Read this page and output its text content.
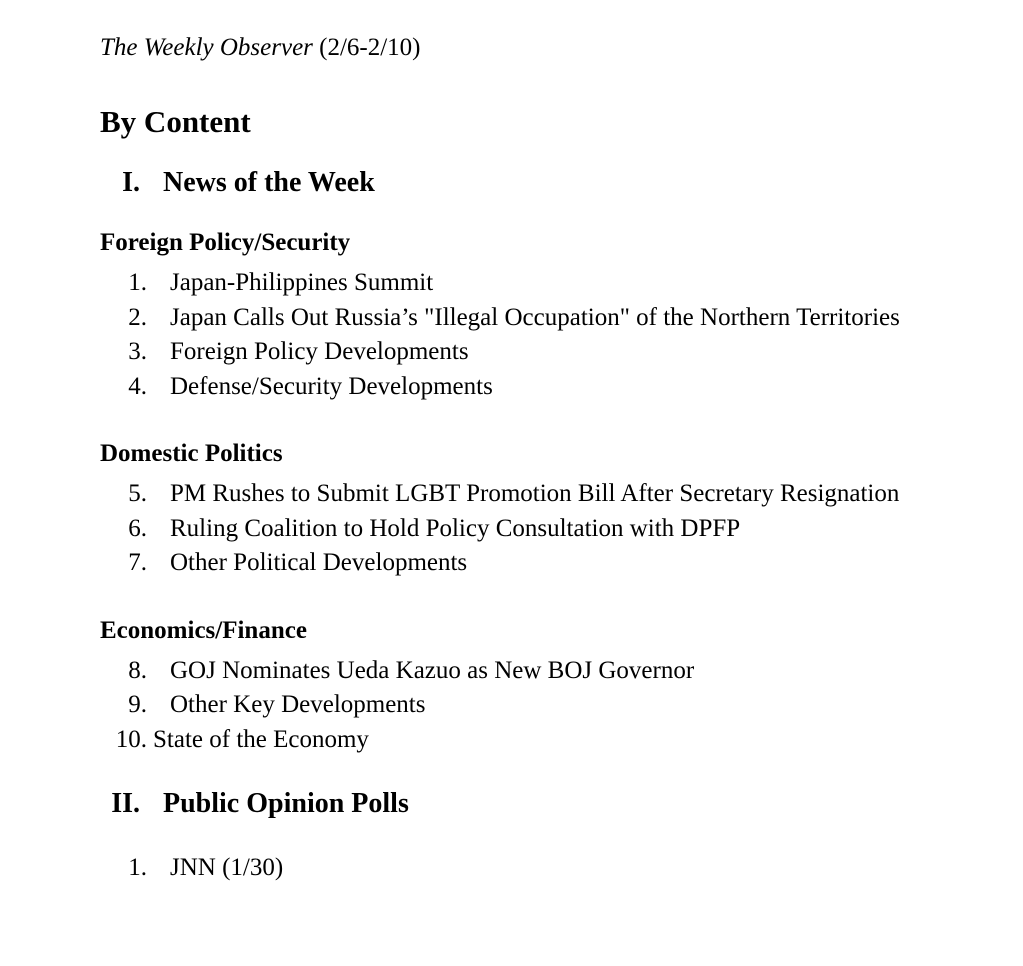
The Weekly Observer (2/6-2/10)
By Content
I. News of the Week
Foreign Policy/Security
1. Japan-Philippines Summit
2. Japan Calls Out Russia’s "Illegal Occupation" of the Northern Territories
3. Foreign Policy Developments
4. Defense/Security Developments
Domestic Politics
5. PM Rushes to Submit LGBT Promotion Bill After Secretary Resignation
6. Ruling Coalition to Hold Policy Consultation with DPFP
7. Other Political Developments
Economics/Finance
8. GOJ Nominates Ueda Kazuo as New BOJ Governor
9. Other Key Developments
10. State of the Economy
II. Public Opinion Polls
1. JNN (1/30)
